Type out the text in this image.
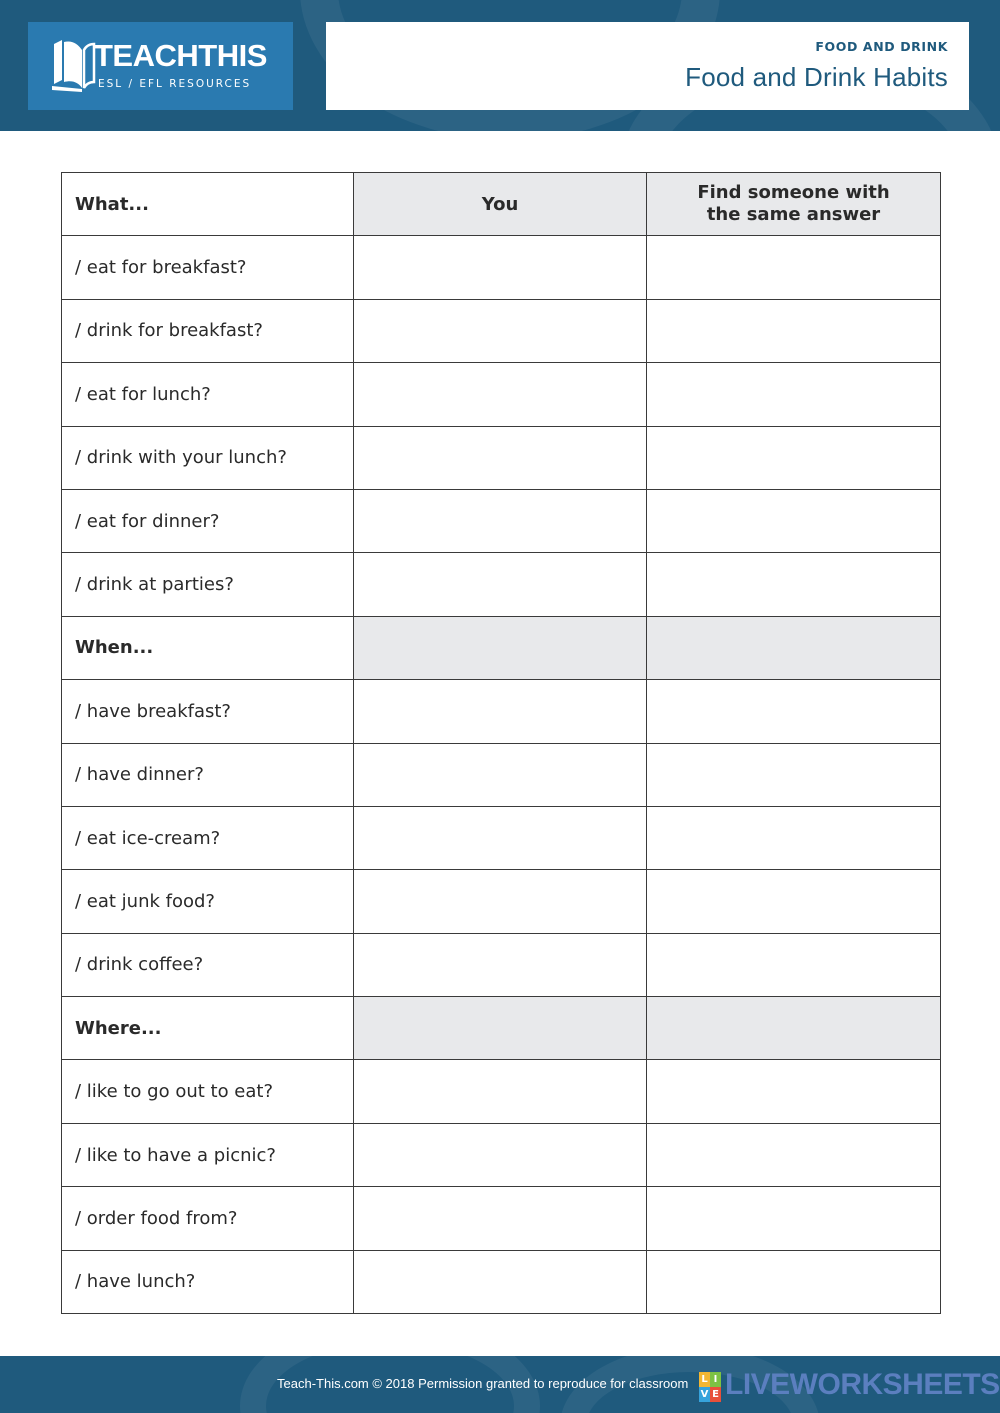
TEACHTHIS
ESL / EFL RESOURCES
FOOD AND DRINK
Food and Drink Habits
What...	You	Find someone with
the same answer

/ eat for breakfast?		
/ drink for breakfast?		
/ eat for lunch?		
/ drink with your lunch?		
/ eat for dinner?		
/ drink at parties?		
When...		
/ have breakfast?		
/ have dinner?		
/ eat ice-cream?		
/ eat junk food?		
/ drink coffee?		
Where...		
/ like to go out to eat?		
/ like to have a picnic?		
/ order food from?		
/ have lunch?		
Teach-This.com © 2018 Permission granted to reproduce for classroom L I
V E LIVEWORKSHEETS
